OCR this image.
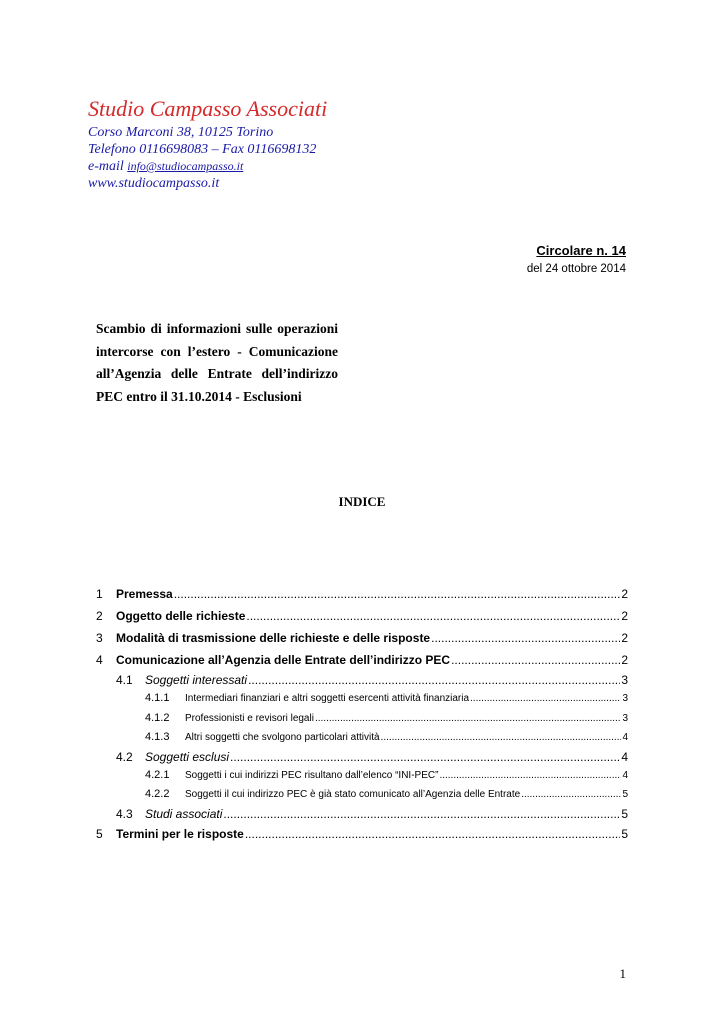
Studio Campasso Associati
Corso Marconi 38, 10125 Torino
Telefono 0116698083 – Fax 0116698132
e-mail info@studiocampasso.it
www.studiocampasso.it
Circolare n. 14
del 24 ottobre 2014
Scambio di informazioni sulle operazioni intercorse con l’estero - Comunicazione all’Agenzia delle Entrate dell’indirizzo PEC entro il 31.10.2014 - Esclusioni
INDICE
1	Premessa .....	2
2	Oggetto delle richieste .....	2
3	Modalità di trasmissione delle richieste e delle risposte .....	2
4	Comunicazione all’Agenzia delle Entrate dell’indirizzo PEC .....	2
4.1	Soggetti interessati .....	3
4.1.1	Intermediari finanziari e altri soggetti esercenti attività finanziaria .....	3
4.1.2	Professionisti e revisori legali .....	3
4.1.3	Altri soggetti che svolgono particolari attività .....	4
4.2	Soggetti esclusi .....	4
4.2.1	Soggetti i cui indirizzi PEC risultano dall’elenco “INI-PEC” .....	4
4.2.2	Soggetti il cui indirizzo PEC è già stato comunicato all’Agenzia delle Entrate .....	5
4.3	Studi associati .....	5
5	Termini per le risposte .....	5
1
